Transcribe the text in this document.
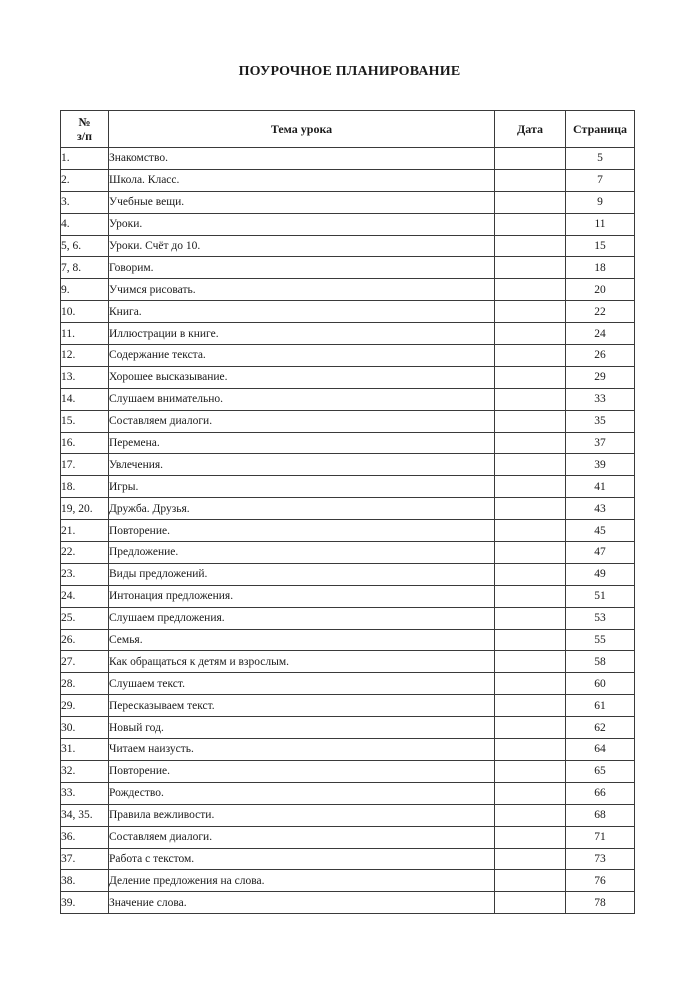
ПОУРОЧНОЕ ПЛАНИРОВАНИЕ
№
з/п	Тема урока	Дата	Страница
1.	Знакомство.		5
2.	Школа. Класс.		7
3.	Учебные вещи.		9
4.	Уроки.		11
5, 6.	Уроки. Счёт до 10.		15
7, 8.	Говорим.		18
9.	Учимся рисовать.		20
10.	Книга.		22
11.	Иллюстрации в книге.		24
12.	Содержание текста.		26
13.	Хорошее высказывание.		29
14.	Слушаем внимательно.		33
15.	Составляем диалоги.		35
16.	Перемена.		37
17.	Увлечения.		39
18.	Игры.		41
19, 20.	Дружба. Друзья.		43
21.	Повторение.		45
22.	Предложение.		47
23.	Виды предложений.		49
24.	Интонация предложения.		51
25.	Слушаем предложения.		53
26.	Семья.		55
27.	Как обращаться к детям и взрослым.		58
28.	Слушаем текст.		60
29.	Пересказываем текст.		61
30.	Новый год.		62
31.	Читаем наизусть.		64
32.	Повторение.		65
33.	Рождество.		66
34, 35.	Правила вежливости.		68
36.	Составляем диалоги.		71
37.	Работа с текстом.		73
38.	Деление предложения на слова.		76
39.	Значение слова.		78
